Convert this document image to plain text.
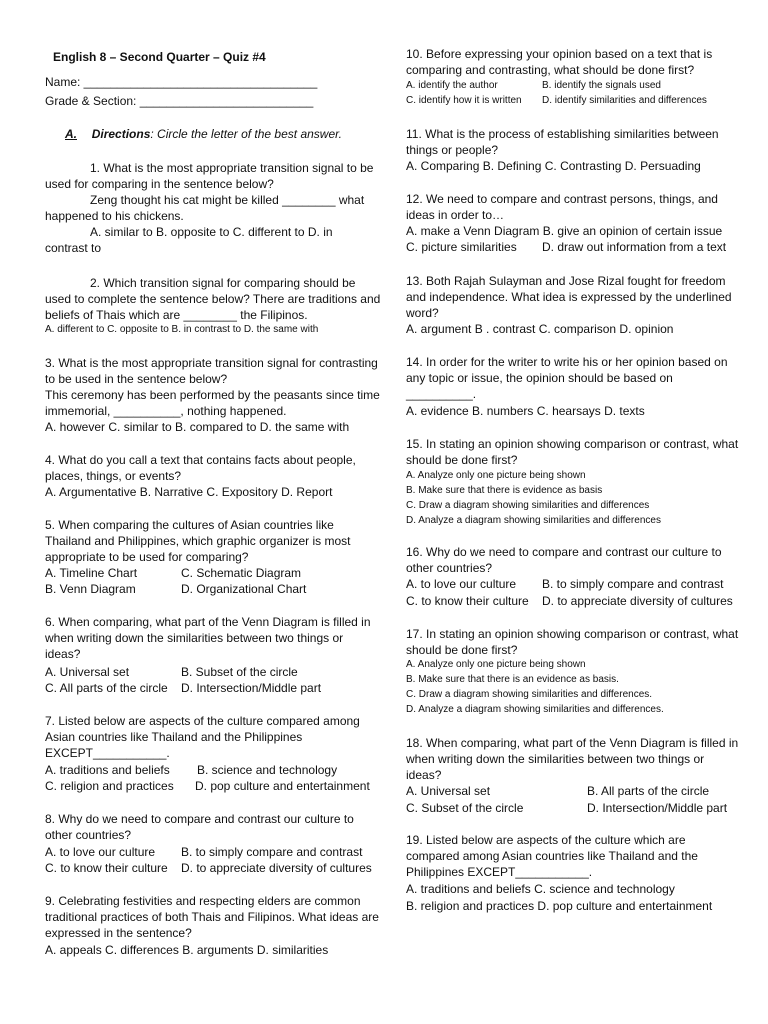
English 8 – Second Quarter – Quiz #4
Name: ___________________________________
Grade & Section: __________________________
A. Directions: Circle the letter of the best answer.
1. What is the most appropriate transition signal to be
used for comparing in the sentence below?
Zeng thought his cat might be killed ________ what
happened to his chickens.
A. similar to B. opposite to C. different to D. in
contrast to
2. Which transition signal for comparing should be
used to complete the sentence below? There are traditions and
beliefs of Thais which are ________ the Filipinos.
A. different to C. opposite to B. in contrast to D. the same with
3. What is the most appropriate transition signal for contrasting
to be used in the sentence below?
This ceremony has been performed by the peasants since time
immemorial, __________, nothing happened.
A. however C. similar to B. compared to D. the same with
4. What do you call a text that contains facts about people,
places, things, or events?
A. Argumentative B. Narrative C. Expository D. Report
5. When comparing the cultures of Asian countries like
Thailand and Philippines, which graphic organizer is most
appropriate to be used for comparing?
A. Timeline Chart	C. Schematic Diagram
B. Venn Diagram	D. Organizational Chart
6. When comparing, what part of the Venn Diagram is filled in
when writing down the similarities between two things or
ideas?
A. Universal set	B. Subset of the circle
C. All parts of the circle D. Intersection/Middle part
7. Listed below are aspects of the culture compared among
Asian countries like Thailand and the Philippines
EXCEPT___________.
A. traditions and beliefs B. science and technology
C. religion and practices D. pop culture and entertainment
8. Why do we need to compare and contrast our culture to
other countries?
A. to love our culture B. to simply compare and contrast
C. to know their culture D. to appreciate diversity of cultures
9. Celebrating festivities and respecting elders are common
traditional practices of both Thais and Filipinos. What ideas are
expressed in the sentence?
A. appeals C. differences B. arguments D. similarities
10. Before expressing your opinion based on a text that is
comparing and contrasting, what should be done first?
A. identify the author	B. identify the signals used
C. identify how it is written D. identify similarities and differences
11. What is the process of establishing similarities between
things or people?
A. Comparing B. Defining C. Contrasting D. Persuading
12. We need to compare and contrast persons, things, and
ideas in order to…
A. make a Venn Diagram B. give an opinion of certain issue
C. picture similarities D. draw out information from a text
13. Both Rajah Sulayman and Jose Rizal fought for freedom
and independence. What idea is expressed by the underlined
word?
A. argument B . contrast C. comparison D. opinion
14. In order for the writer to write his or her opinion based on
any topic or issue, the opinion should be based on
__________.
A. evidence B. numbers C. hearsays D. texts
15. In stating an opinion showing comparison or contrast, what
should be done first?
A. Analyze only one picture being shown
B. Make sure that there is evidence as basis
C. Draw a diagram showing similarities and differences
D. Analyze a diagram showing similarities and differences
16. Why do we need to compare and contrast our culture to
other countries?
A. to love our culture B. to simply compare and contrast
C. to know their culture D. to appreciate diversity of cultures
17. In stating an opinion showing comparison or contrast, what
should be done first?
A. Analyze only one picture being shown
B. Make sure that there is an evidence as basis.
C. Draw a diagram showing similarities and differences.
D. Analyze a diagram showing similarities and differences.
18. When comparing, what part of the Venn Diagram is filled in
when writing down the similarities between two things or
ideas?
A. Universal set	B. All parts of the circle
C. Subset of the circle	D. Intersection/Middle part
19. Listed below are aspects of the culture which are
compared among Asian countries like Thailand and the
Philippines EXCEPT___________.
A. traditions and beliefs C. science and technology
B. religion and practices D. pop culture and entertainment
